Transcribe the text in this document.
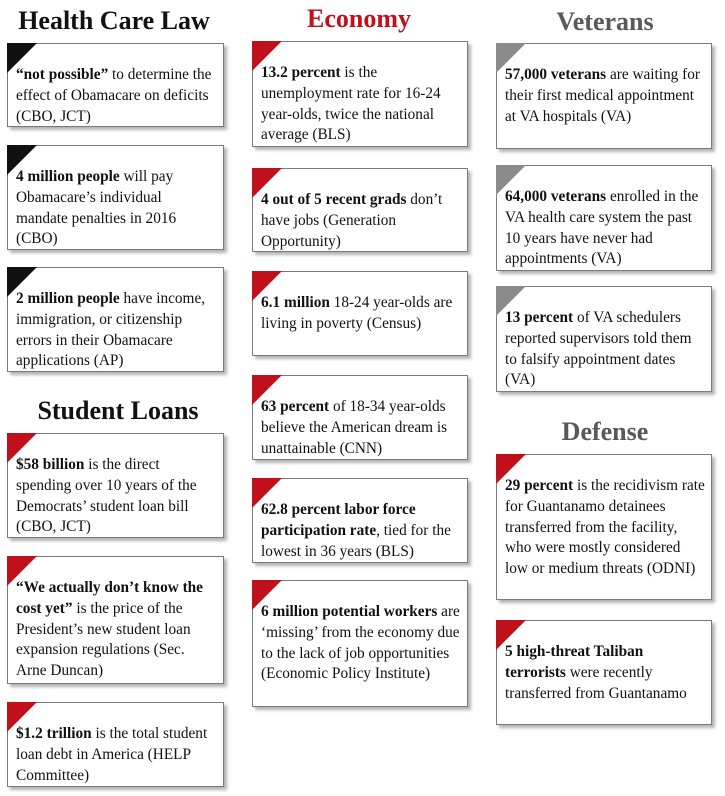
Health Care Law
“not possible” to determine the effect of Obamacare on deficits (CBO, JCT)
4 million people will pay Obamacare’s individual mandate penalties in 2016 (CBO)
2 million people have income, immigration, or citizenship errors in their Obamacare applications (AP)
Student Loans
$58 billion is the direct spending over 10 years of the Democrats’ student loan bill (CBO, JCT)
“We actually don’t know the cost yet” is the price of the President’s new student loan expansion regulations (Sec. Arne Duncan)
$1.2 trillion is the total student loan debt in America (HELP Committee)
Economy
13.2 percent is the unemployment rate for 16-24 year-olds, twice the national average (BLS)
4 out of 5 recent grads don’t have jobs (Generation Opportunity)
6.1 million 18-24 year-olds are living in poverty (Census)
63 percent of 18-34 year-olds believe the American dream is unattainable (CNN)
62.8 percent labor force participation rate, tied for the lowest in 36 years (BLS)
6 million potential workers are ‘missing’ from the economy due to the lack of job opportunities (Economic Policy Institute)
Veterans
57,000 veterans are waiting for their first medical appointment at VA hospitals (VA)
64,000 veterans enrolled in the VA health care system the past 10 years have never had appointments (VA)
13 percent of VA schedulers reported supervisors told them to falsify appointment dates (VA)
Defense
29 percent is the recidivism rate for Guantanamo detainees transferred from the facility, who were mostly considered low or medium threats (ODNI)
5 high-threat Taliban terrorists were recently transferred from Guantanamo
